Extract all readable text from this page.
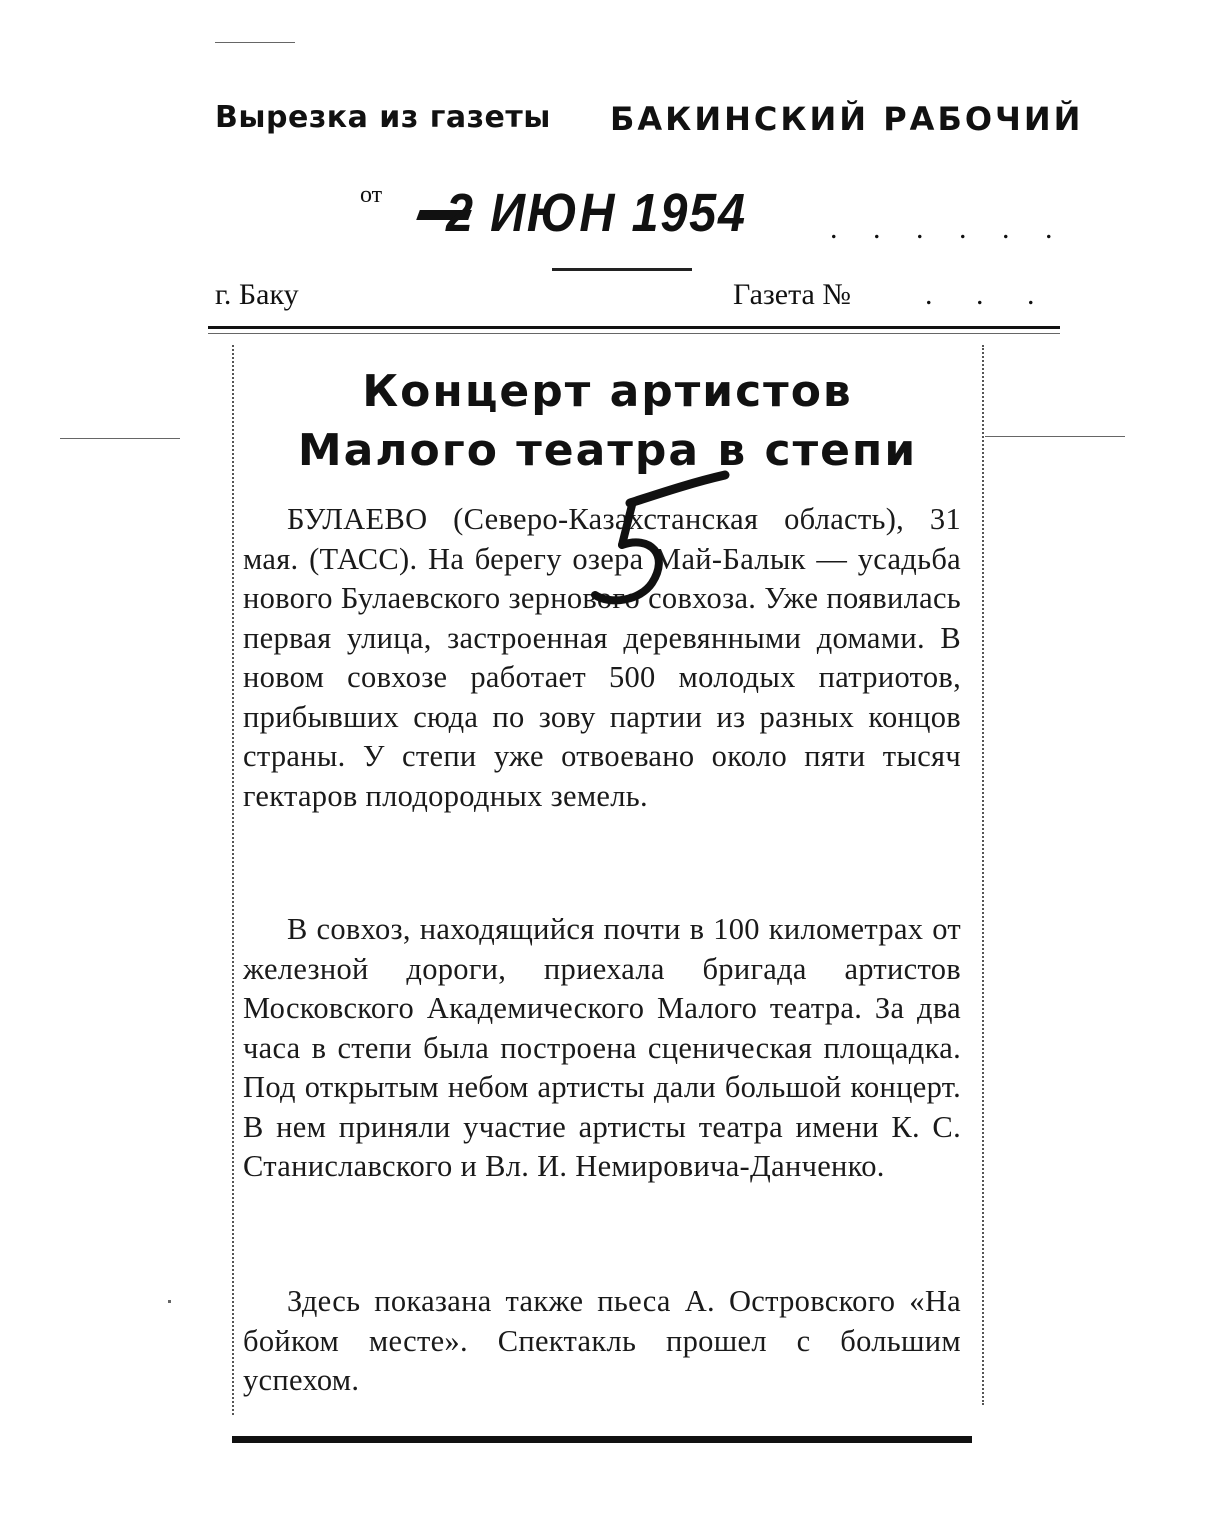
Вырезка из газеты БАКИНСКИЙ РАБОЧИЙ
от 2 ИЮН 1954	. . . . . .
г. Баку	Газета № . . .
Концерт артистов
Малого театра в степи

БУЛАЕВО (Северо-Казахстанская область), 31 мая. (ТАСС). На берегу озера Май-Балык — усадьба нового Булаевского зернового совхоза. Уже появилась первая улица, застроенная деревянными домами. В новом совхозе работает 500 молодых патриотов, прибывших сюда по зову партии из разных концов страны. У степи уже отвоевано около пяти тысяч гектаров плодородных земель.

В совхоз, находящийся почти в 100 километрах от железной дороги, приехала бригада артистов Московского Академического Малого театра. За два часа в степи была построена сценическая площадка. Под открытым небом артисты дали большой концерт. В нем приняли участие артисты театра имени К. С. Станиславского и Вл. И. Немировича-Данченко.

Здесь показана также пьеса А. Островского «На бойком месте». Спектакль прошел с большим успехом.
